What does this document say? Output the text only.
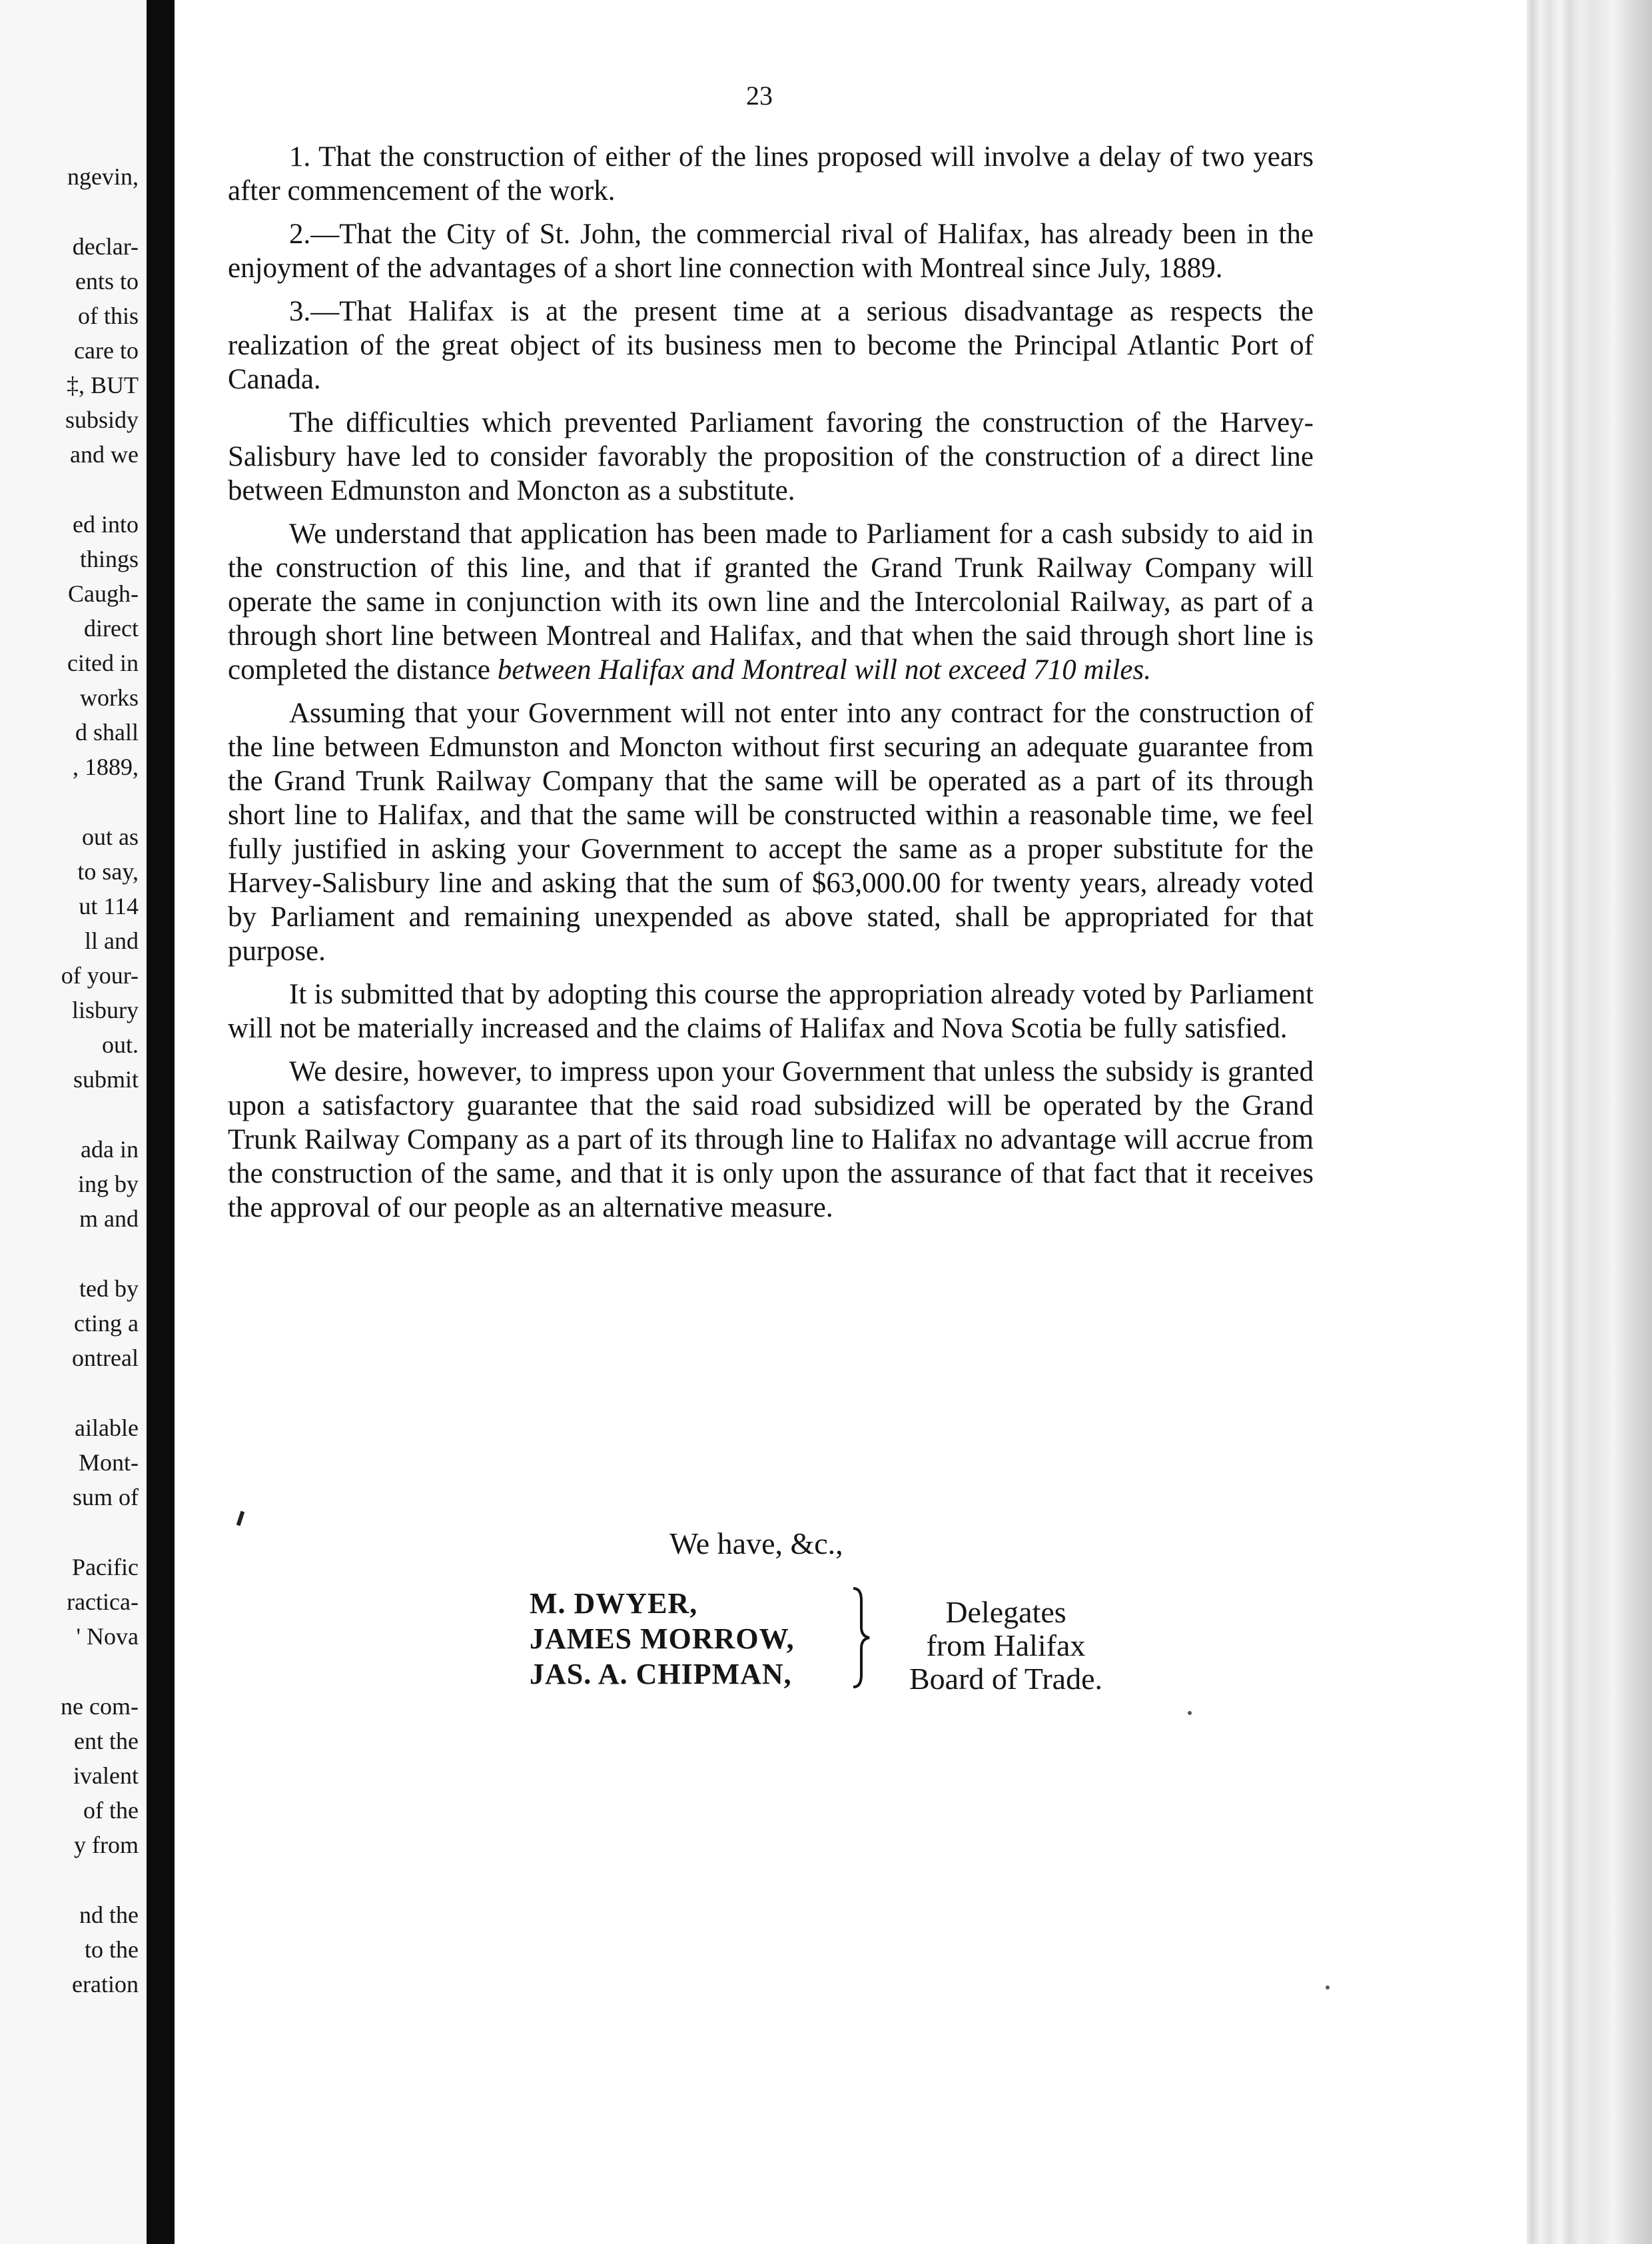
ngevin,
declar-
ents to
of this
care to
‡, BUT
subsidy
and we
ed into
things
Caugh-
direct
cited in
works
d shall
, 1889,
out as
to say,
ut 114
ll and
of your-
lisbury
out.
submit
ada in
ing by
m and
ted by
cting a
ontreal
ailable
Mont-
sum of
Pacific
ractica-
' Nova
ne com-
ent the
ivalent
of the
y from
nd the
to the
eration
23

1. That the construction of either of the lines proposed will involve a delay of two years after commencement of the work.

2.—That the City of St. John, the commercial rival of Halifax, has already been in the enjoyment of the advantages of a short line connection with Montreal since July, 1889.

3.—That Halifax is at the present time at a serious disadvantage as respects the realization of the great object of its business men to become the Principal Atlantic Port of Canada.

The difficulties which prevented Parliament favoring the construction of the Harvey-Salisbury have led to consider favorably the proposition of the construction of a direct line between Edmunston and Moncton as a substitute.

We understand that application has been made to Parliament for a cash subsidy to aid in the construction of this line, and that if granted the Grand Trunk Railway Company will operate the same in conjunction with its own line and the Intercolonial Railway, as part of a through short line between Montreal and Halifax, and that when the said through short line is completed the distance between Halifax and Montreal will not exceed 710 miles.

Assuming that your Government will not enter into any contract for the construction of the line between Edmunston and Moncton without first securing an adequate guarantee from the Grand Trunk Railway Company that the same will be operated as a part of its through short line to Halifax, and that the same will be constructed within a reasonable time, we feel fully justified in asking your Government to accept the same as a proper substitute for the Harvey-Salisbury line and asking that the sum of $63,000.00 for twenty years, already voted by Parliament and remaining unexpended as above stated, shall be appropriated for that purpose.

It is submitted that by adopting this course the appropriation already voted by Parliament will not be materially increased and the claims of Halifax and Nova Scotia be fully satisfied.

We desire, however, to impress upon your Government that unless the subsidy is granted upon a satisfactory guarantee that the said road subsidized will be operated by the Grand Trunk Railway Company as a part of its through line to Halifax no advantage will accrue from the construction of the same, and that it is only upon the assurance of that fact that it receives the approval of our people as an alternative measure.

We have, &c.,
M. DWYER,
JAMES MORROW,
JAS. A. CHIPMAN,
Delegates
from Halifax
Board of Trade.
